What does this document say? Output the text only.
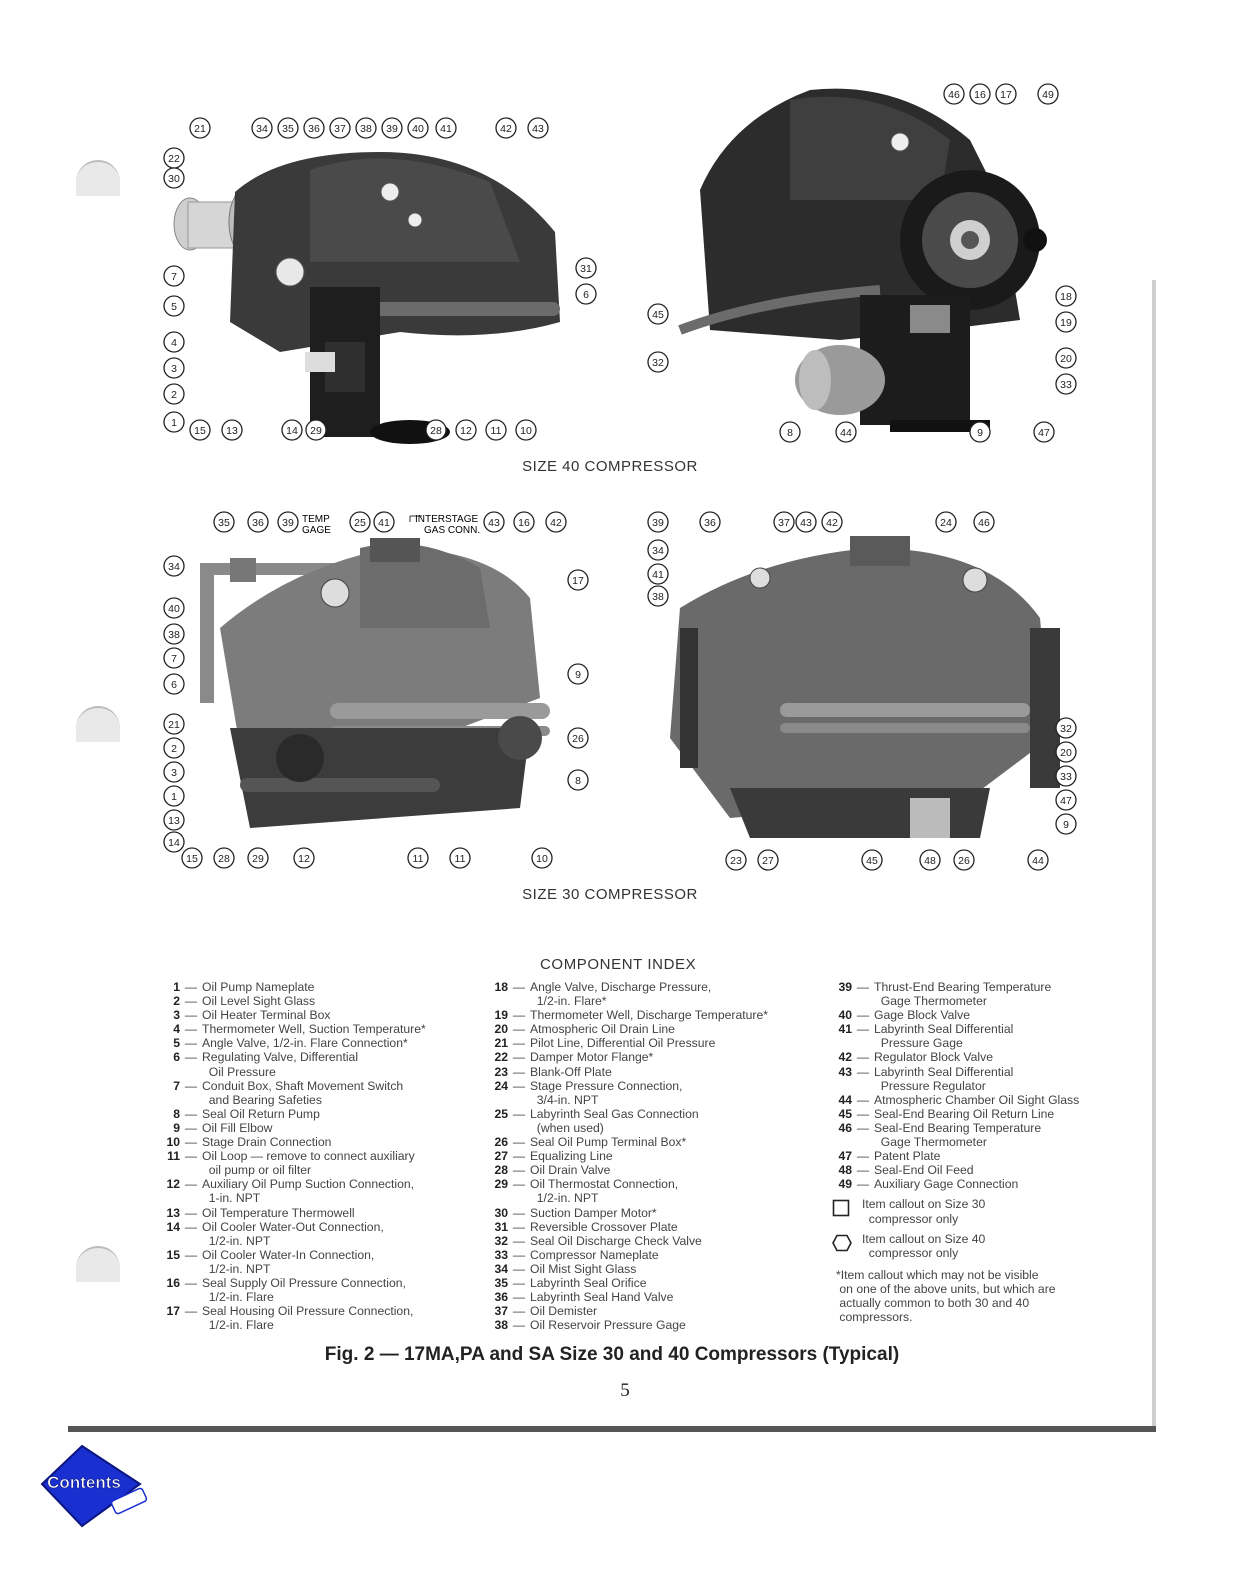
21	34 35 36 37 38 39 40 41	42 43
22
30
7
31
6
5
4
3
2
1
15 13	14 29	28 12 11 10
46 16 17	49
18
19
45
32	20
33
8	44	9	47
SIZE 40 COMPRESSOR
35 36 39	25 41	43 16 42
34
17
40
38
7
6
9
21
26
2
3
1
8
13
14
15 28 29	12	11	11	10
TEMP
GAGE
INTERSTAGE
GAS CONN.
39	36	37 43 42	24	46
34
41
38
32
20
33
47
9
23 27	45	48 26	44
SIZE 30 COMPRESSOR
COMPONENT INDEX
1 — Oil Pump Nameplate
2 — Oil Level Sight Glass
3 — Oil Heater Terminal Box
4 — Thermometer Well, Suction Temperature*
5 — Angle Valve, 1/2-in. Flare Connection*
6 — Regulating Valve, Differential
Oil Pressure
7 — Conduit Box, Shaft Movement Switch
and Bearing Safeties
8 — Seal Oil Return Pump
9 — Oil Fill Elbow
10 — Stage Drain Connection
11 — Oil Loop — remove to connect auxiliary
oil pump or oil filter
12 — Auxiliary Oil Pump Suction Connection,
1-in. NPT
13 — Oil Temperature Thermowell
14 — Oil Cooler Water-Out Connection,
1/2-in. NPT
15 — Oil Cooler Water-In Connection,
1/2-in. NPT
16 — Seal Supply Oil Pressure Connection,
1/2-in. Flare
17 — Seal Housing Oil Pressure Connection,
1/2-in. Flare
18 — Angle Valve, Discharge Pressure,
1/2-in. Flare*
19 — Thermometer Well, Discharge Temperature*
20 — Atmospheric Oil Drain Line
21 — Pilot Line, Differential Oil Pressure
22 — Damper Motor Flange*
23 — Blank-Off Plate
24 — Stage Pressure Connection,
3/4-in. NPT
25 — Labyrinth Seal Gas Connection
(when used)
26 — Seal Oil Pump Terminal Box*
27 — Equalizing Line
28 — Oil Drain Valve
29 — Oil Thermostat Connection,
1/2-in. NPT
30 — Suction Damper Motor*
31 — Reversible Crossover Plate
32 — Seal Oil Discharge Check Valve
33 — Compressor Nameplate
34 — Oil Mist Sight Glass
35 — Labyrinth Seal Orifice
36 — Labyrinth Seal Hand Valve
37 — Oil Demister
38 — Oil Reservoir Pressure Gage
39 — Thrust-End Bearing Temperature
Gage Thermometer
40 — Gage Block Valve
41 — Labyrinth Seal Differential
Pressure Gage
42 — Regulator Block Valve
43 — Labyrinth Seal Differential
Pressure Regulator
44 — Atmospheric Chamber Oil Sight Glass
45 — Seal-End Bearing Oil Return Line
46 — Seal-End Bearing Temperature
Gage Thermometer
47 — Patent Plate
48 — Seal-End Oil Feed
49 — Auxiliary Gage Connection
Item callout on Size 30
compressor only
Item callout on Size 40
compressor only
*Item callout which may not be visible
on one of the above units, but which are
actually common to both 30 and 40
compressors.
Fig. 2 — 17MA,PA and SA Size 30 and 40 Compressors (Typical)
5
Contents
